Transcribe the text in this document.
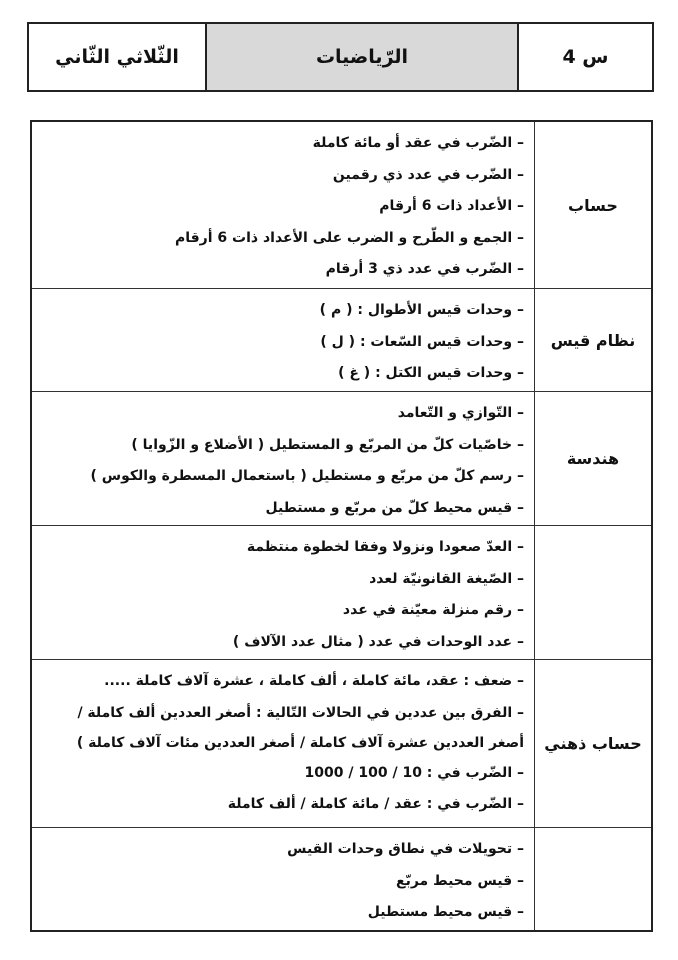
الثّلاثي الثّاني	الرّياضيات	س 4
حساب
– الضّرب في عقد أو مائة كاملة
– الضّرب في عدد ذي رقمين
– الأعداد ذات 6 أرقام
– الجمع و الطّرح و الضرب على الأعداد ذات 6 أرقام
– الضّرب في عدد ذي 3 أرقام
نظام قيس
– وحدات قيس الأطوال : ( م )
– وحدات قيس السّعات : ( ل )
– وحدات قيس الكتل : ( غ )
هندسة
– التّوازي و التّعامد
– خاصّيات كلّ من المربّع و المستطيل ( الأضلاع و الزّوايا )
– رسم كلّ من مربّع و مستطيل ( باستعمال المسطرة والكوس )
– قيس محيط كلّ من مربّع و مستطيل
– العدّ صعودا ونزولا وفقا لخطوة منتظمة
– الصّيغة القانونيّة لعدد
– رقم منزلة معيّنة في عدد
– عدد الوحدات في عدد ( مثال عدد الآلاف )
حساب ذهني
– ضعف : عقد، مائة كاملة ، ألف كاملة ، عشرة آلاف كاملة .....
– الفرق بين عددين في الحالات التّالية : أصغر العددين ألف كاملة / أصغر العددين عشرة آلاف كاملة / أصغر العددين مئات آلاف كاملة )
– الضّرب في : 10 / 100 / 1000
– الضّرب في : عقد / مائة كاملة / ألف كاملة
– تحويلات في نطاق وحدات القيس
– قيس محيط مربّع
– قيس محيط مستطيل
